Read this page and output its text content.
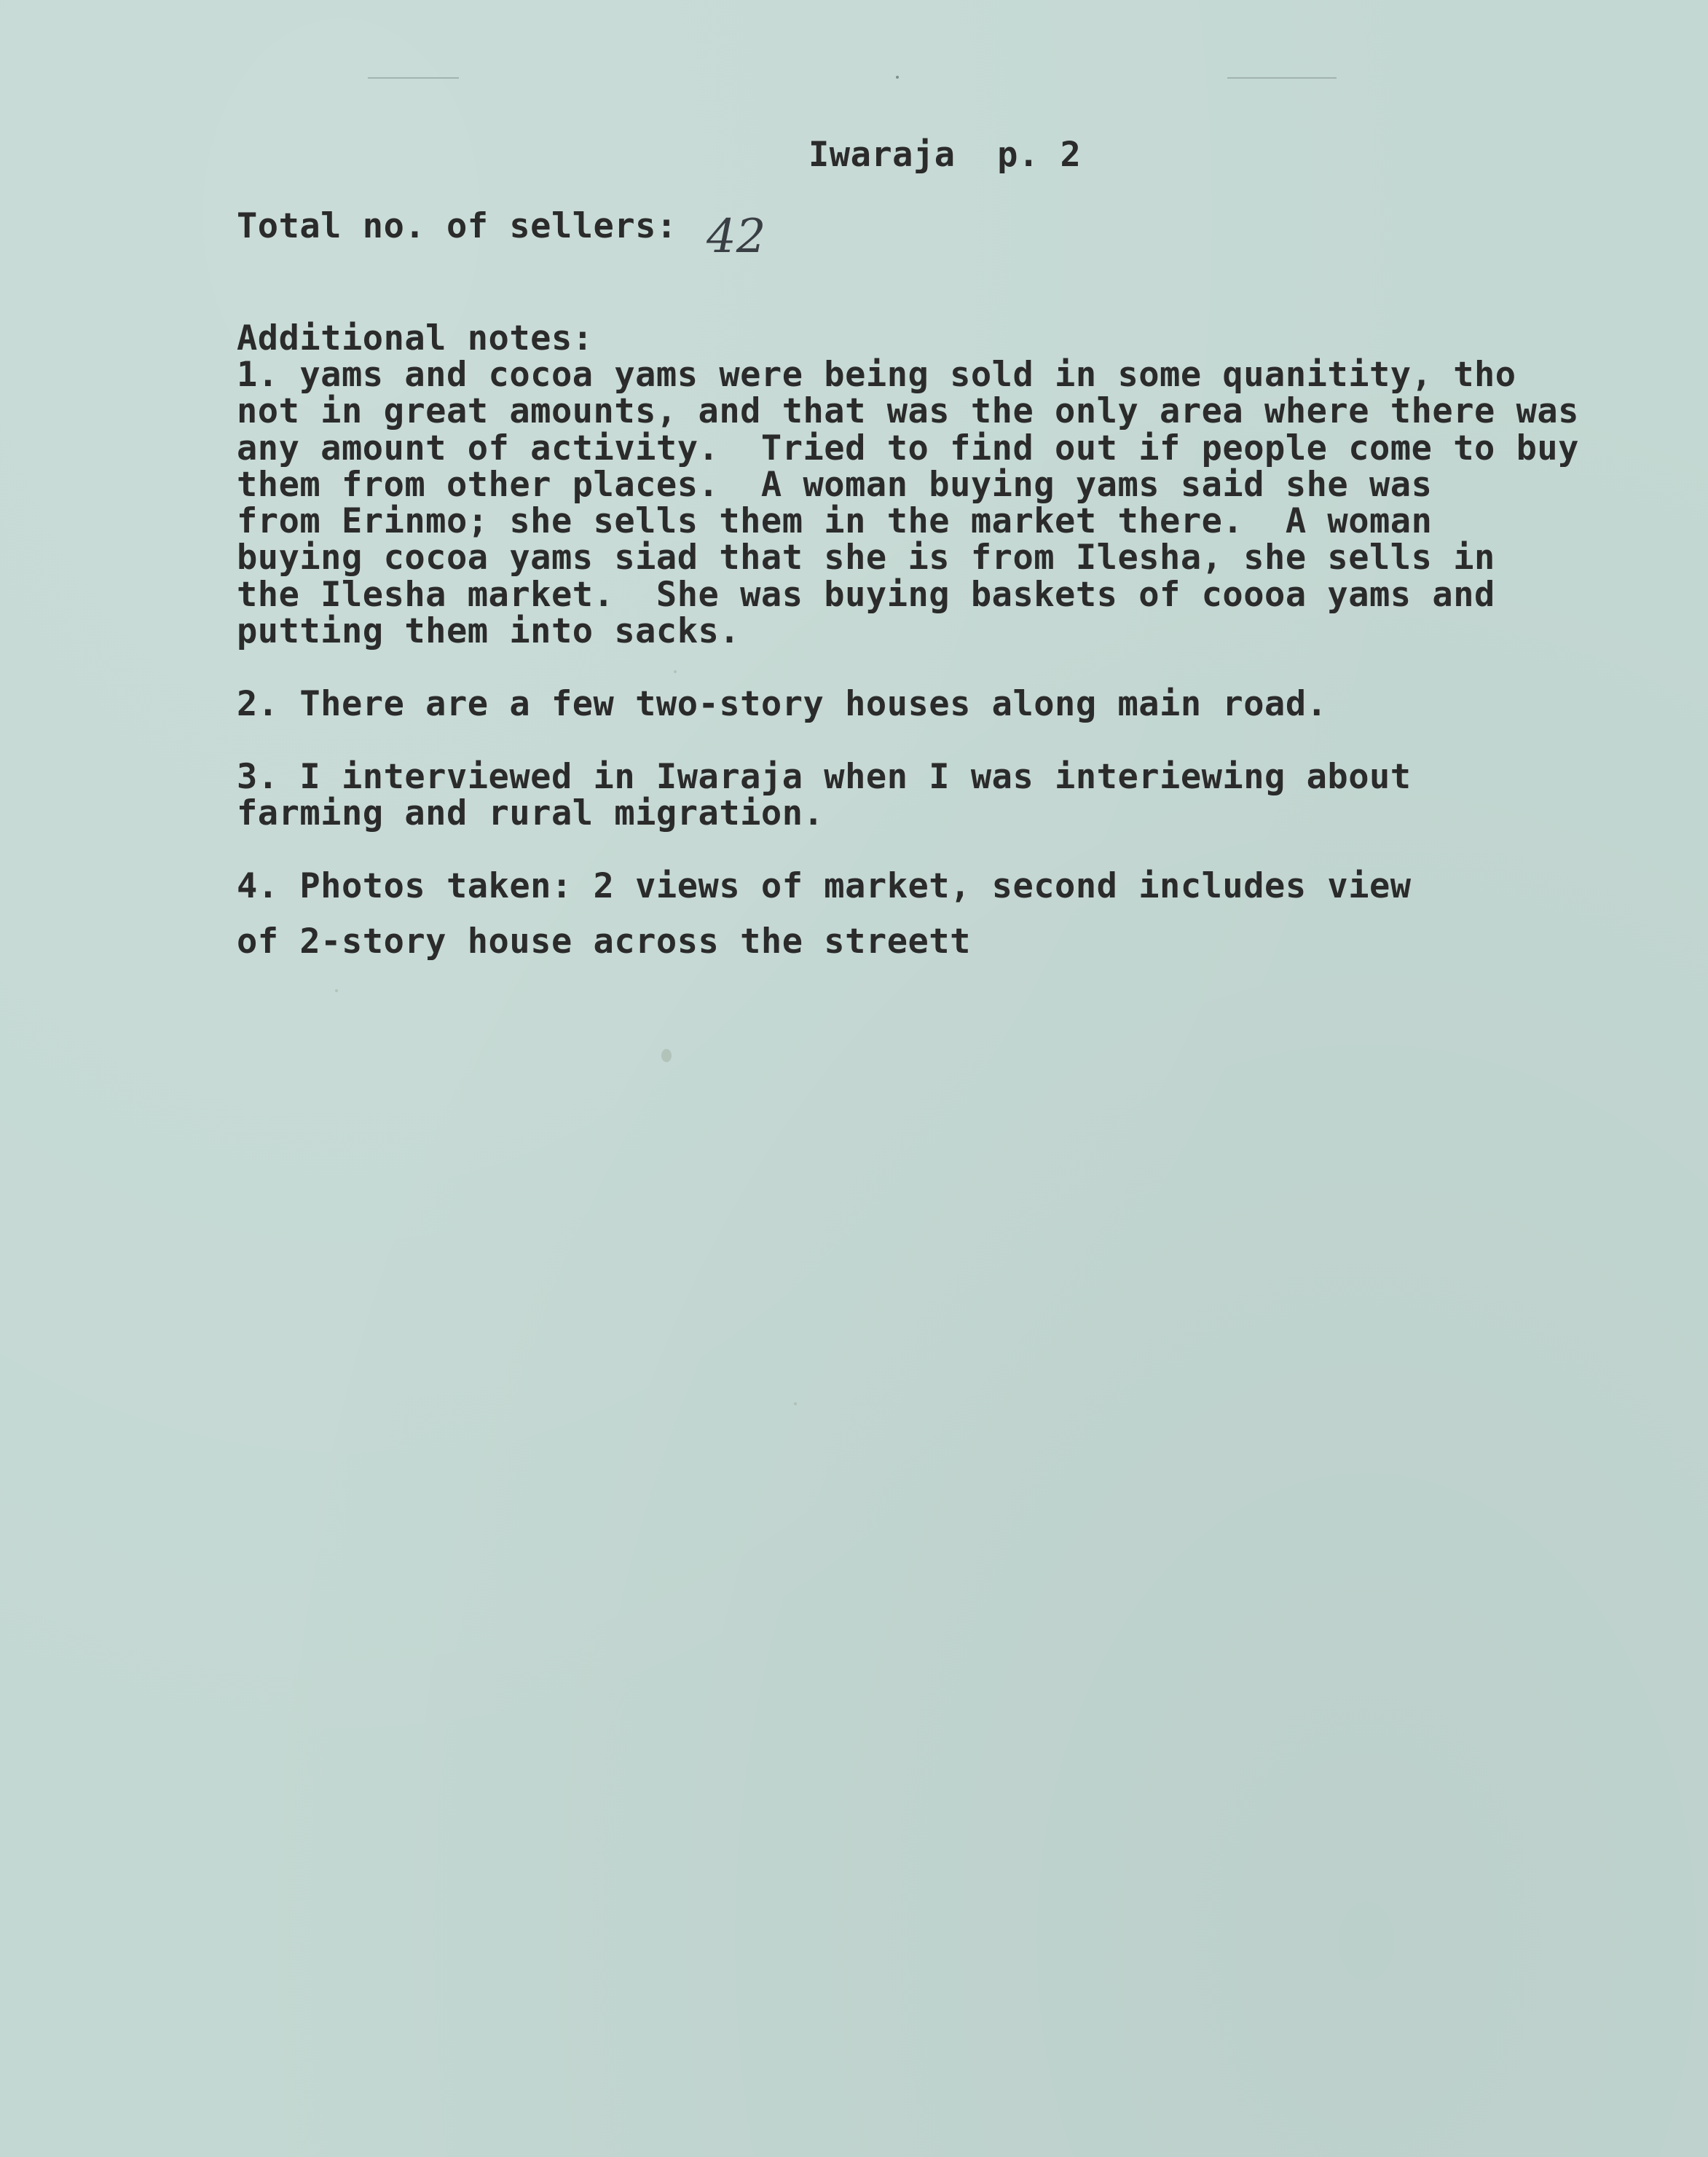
Iwaraja  p. 2
Total no. of sellers: 42
Additional notes:
1. yams and cocoa yams were being sold in some quanitity, tho
not in great amounts, and that was the only area where there was
any amount of activity.  Tried to find out if people come to buy
them from other places.  A woman buying yams said she was
from Erinmo; she sells them in the market there.  A woman
buying cocoa yams siad that she is from Ilesha, she sells in
the Ilesha market.  She was buying baskets of coooa yams and
putting them into sacks.
2. There are a few two-story houses along main road.
3. I interviewed in Iwaraja when I was interiewing about
farming and rural migration.
4. Photos taken: 2 views of market, second includes view
of 2-story house across the streett
